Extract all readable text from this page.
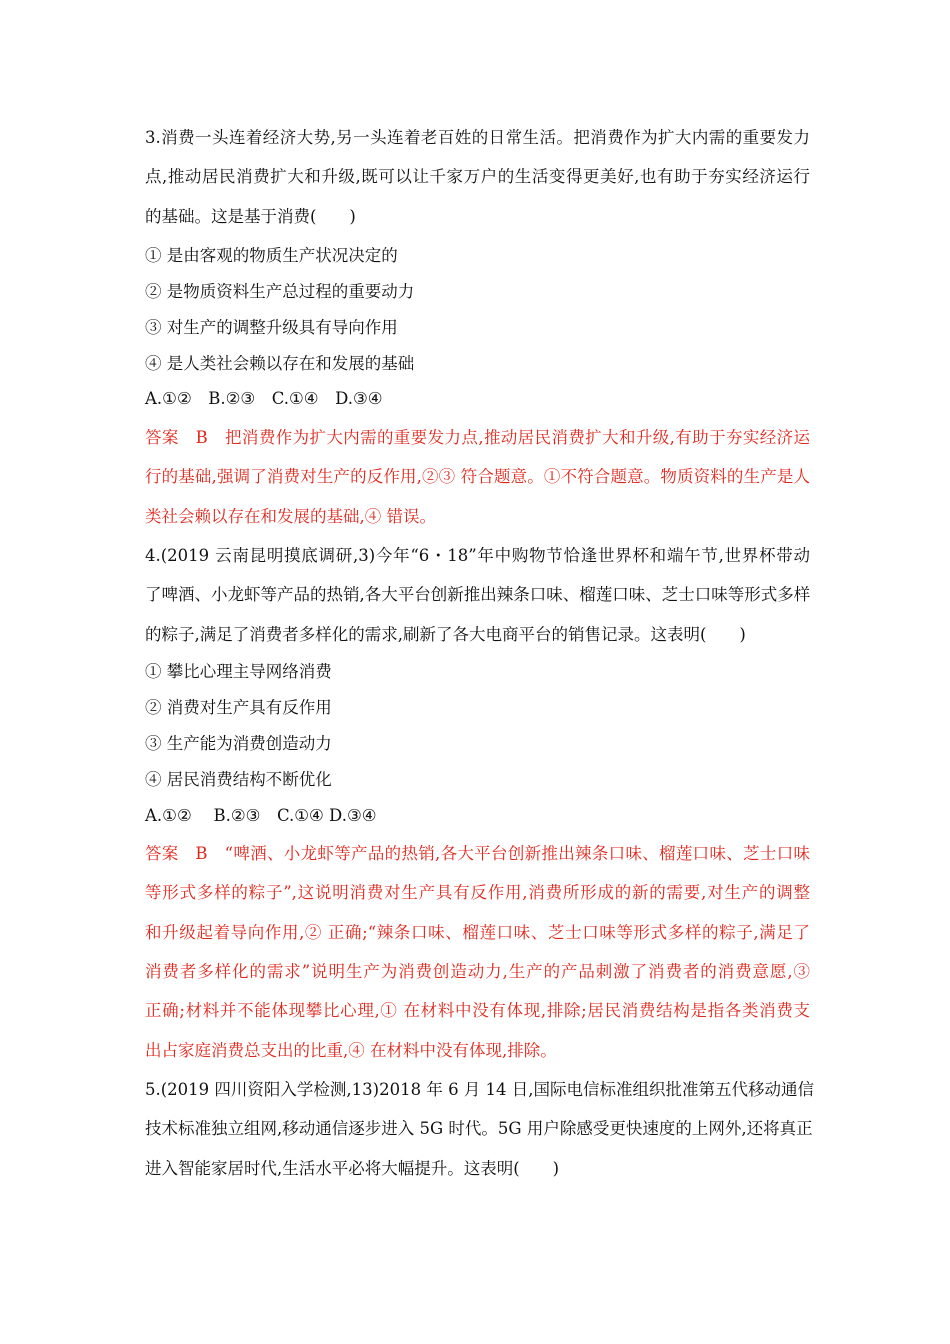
3.消费一头连着经济大势,另一头连着老百姓的日常生活。把消费作为扩大内需的重要发力
点,推动居民消费扩大和升级,既可以让千家万户的生活变得更美好,也有助于夯实经济运行
的基础。这是基于消费(　　)
① 是由客观的物质生产状况决定的
② 是物质资料生产总过程的重要动力
③ 对生产的调整升级具有导向作用
④ 是人类社会赖以存在和发展的基础
A.①②　B.②③　C.①④　D.③④
答案　B　把消费作为扩大内需的重要发力点,推动居民消费扩大和升级,有助于夯实经济运
行的基础,强调了消费对生产的反作用,②③ 符合题意。①不符合题意。物质资料的生产是人
类社会赖以存在和发展的基础,④ 错误。
4.(2019 云南昆明摸底调研,3)今年“6・18”年中购物节恰逢世界杯和端午节,世界杯带动
了啤酒、小龙虾等产品的热销,各大平台创新推出辣条口味、榴莲口味、芝士口味等形式多样
的粽子,满足了消费者多样化的需求,刷新了各大电商平台的销售记录。这表明(　　)
① 攀比心理主导网络消费
② 消费对生产具有反作用
③ 生产能为消费创造动力
④ 居民消费结构不断优化
A.①②　 B.②③　C.①④ D.③④
答案　B　“啤酒、小龙虾等产品的热销,各大平台创新推出辣条口味、榴莲口味、芝士口味
等形式多样的粽子”,这说明消费对生产具有反作用,消费所形成的新的需要,对生产的调整
和升级起着导向作用,② 正确;“辣条口味、榴莲口味、芝士口味等形式多样的粽子,满足了
消费者多样化的需求”说明生产为消费创造动力,生产的产品刺激了消费者的消费意愿,③
正确;材料并不能体现攀比心理,① 在材料中没有体现,排除;居民消费结构是指各类消费支
出占家庭消费总支出的比重,④ 在材料中没有体现,排除。
5.(2019 四川资阳入学检测,13)2018 年 6 月 14 日,国际电信标准组织批准第五代移动通信
技术标准独立组网,移动通信逐步进入 5G 时代。5G 用户除感受更快速度的上网外,还将真正
进入智能家居时代,生活水平必将大幅提升。这表明(　　)
